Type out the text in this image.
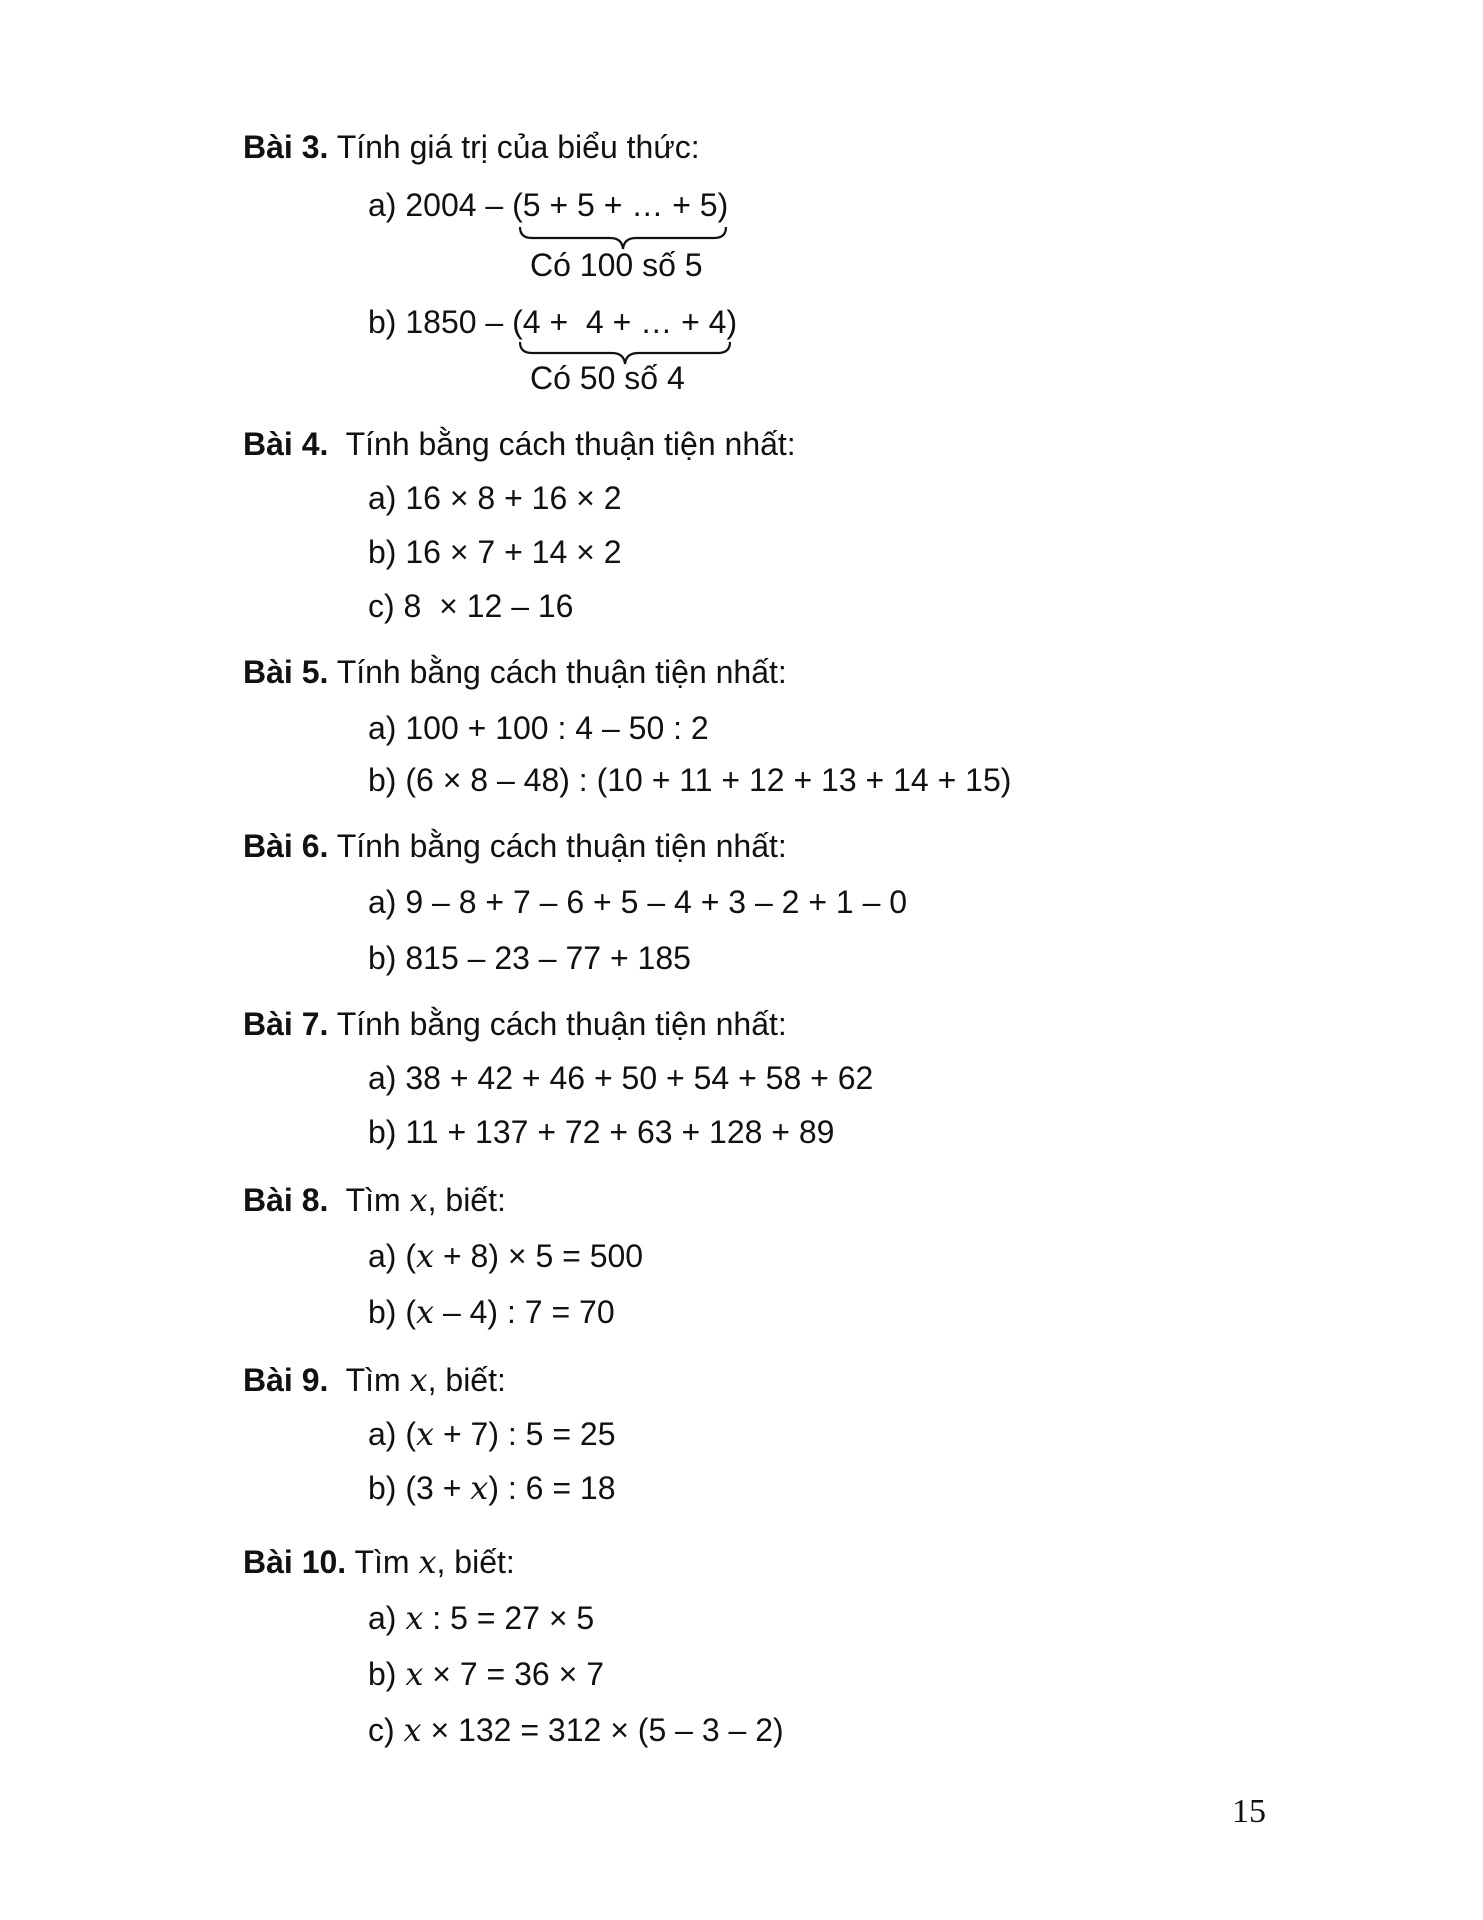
Bài 3. Tính giá trị của biểu thức:
a) 2004 – (5 + 5 + … + 5)
Có 100 số 5
b) 1850 – (4 +  4 + … + 4)
Có 50 số 4
Bài 4.  Tính bằng cách thuận tiện nhất:
a) 16 × 8 + 16 × 2
b) 16 × 7 + 14 × 2
c) 8  × 12 – 16
Bài 5. Tính bằng cách thuận tiện nhất:
a) 100 + 100 : 4 – 50 : 2
b) (6 × 8 – 48) : (10 + 11 + 12 + 13 + 14 + 15)
Bài 6. Tính bằng cách thuận tiện nhất:
a) 9 – 8 + 7 – 6 + 5 – 4 + 3 – 2 + 1 – 0
b) 815 – 23 – 77 + 185
Bài 7. Tính bằng cách thuận tiện nhất:
a) 38 + 42 + 46 + 50 + 54 + 58 + 62
b) 11 + 137 + 72 + 63 + 128 + 89
Bài 8.  Tìm x, biết:
a) (x + 8) × 5 = 500
b) (x – 4) : 7 = 70
Bài 9.  Tìm x, biết:
a) (x + 7) : 5 = 25
b) (3 + x) : 6 = 18
Bài 10. Tìm x, biết:
a) x : 5 = 27 × 5
b) x × 7 = 36 × 7
c) x × 132 = 312 × (5 – 3 – 2)
15
